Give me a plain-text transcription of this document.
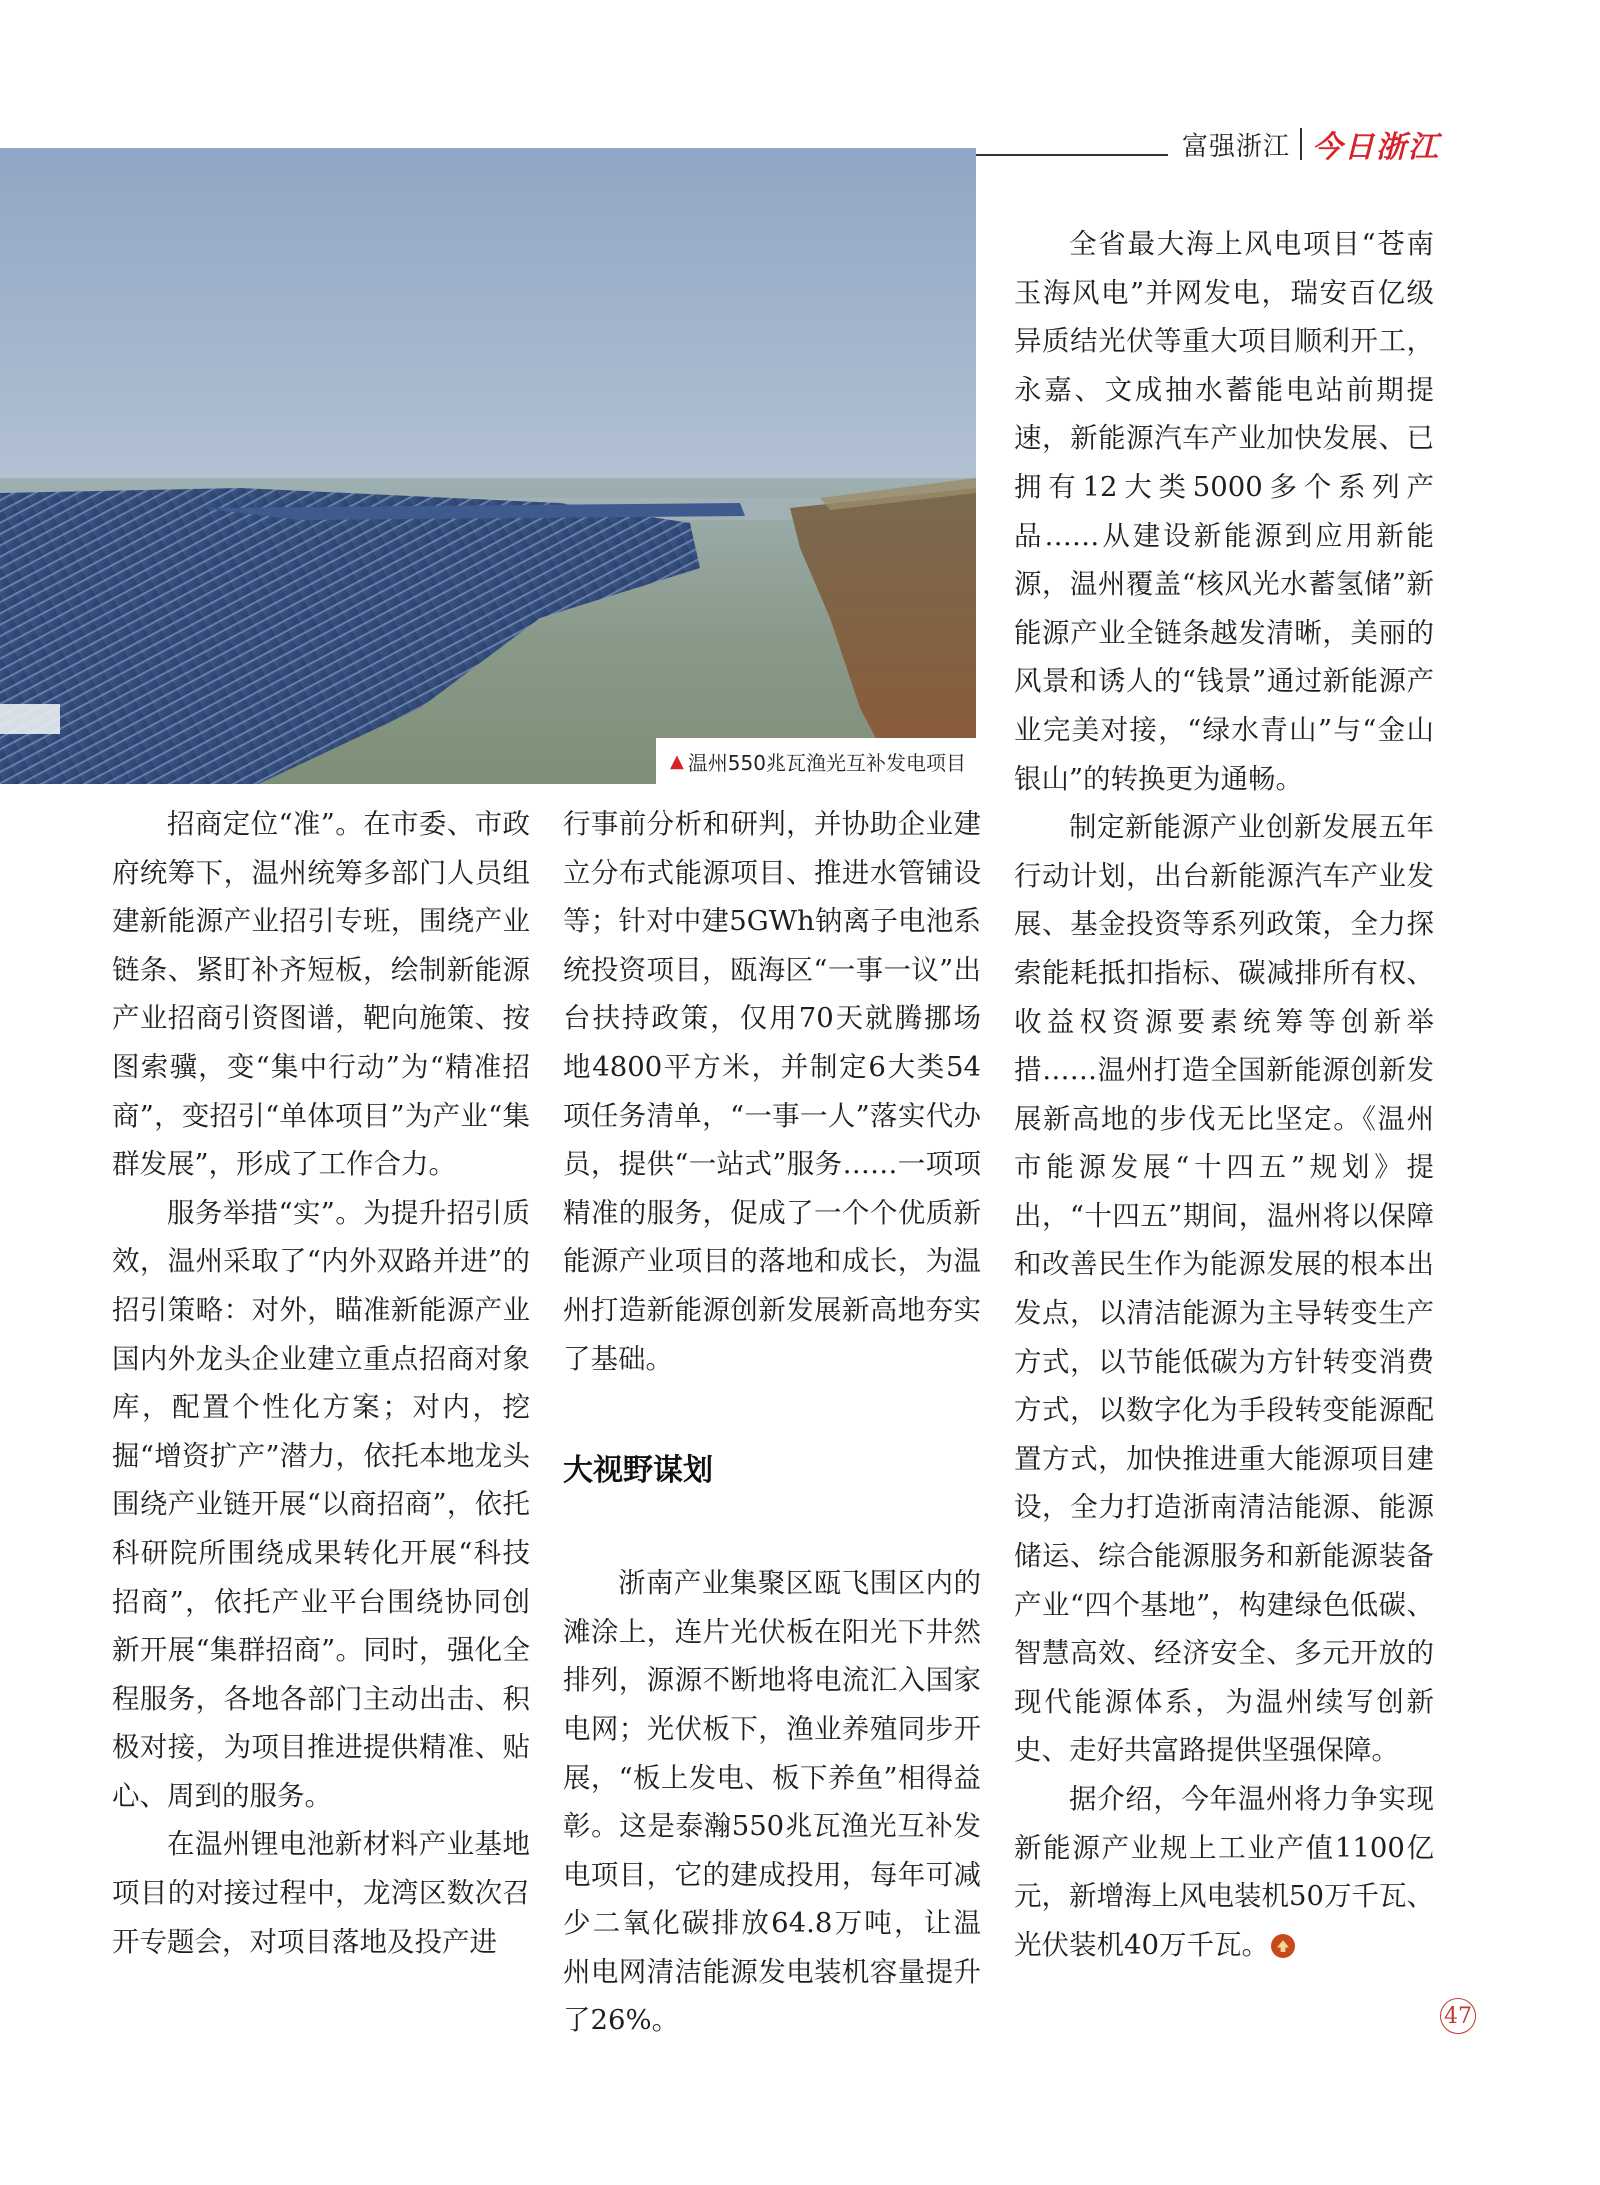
富强浙江 今日浙江
▲ 温州550兆瓦渔光互补发电项目

招商定位“准”。在市委、市政府统筹下，温州统筹多部门人员组建新能源产业招引专班，围绕产业链条、紧盯补齐短板，绘制新能源产业招商引资图谱，靶向施策、按图索骥，变“集中行动”为“精准招商”，变招引“单体项目”为产业“集群发展”，形成了工作合力。

服务举措“实”。为提升招引质效，温州采取了“内外双路并进”的招引策略：对外，瞄准新能源产业国内外龙头企业建立重点招商对象库，配置个性化方案；对内，挖掘“增资扩产”潜力，依托本地龙头围绕产业链开展“以商招商”，依托科研院所围绕成果转化开展“科技招商”，依托产业平台围绕协同创新开展“集群招商”。同时，强化全程服务，各地各部门主动出击、积极对接，为项目推进提供精准、贴心、周到的服务。

在温州锂电池新材料产业基地项目的对接过程中，龙湾区数次召开专题会，对项目落地及投产进

行事前分析和研判，并协助企业建立分布式能源项目、推进水管铺设等；针对中建5GWh钠离子电池系统投资项目，瓯海区“一事一议”出台扶持政策，仅用70天就腾挪场地4800平方米，并制定6大类54项任务清单，“一事一人”落实代办员，提供“一站式”服务……一项项精准的服务，促成了一个个优质新能源产业项目的落地和成长，为温州打造新能源创新发展新高地夯实了基础。

大视野谋划

浙南产业集聚区瓯飞围区内的滩涂上，连片光伏板在阳光下井然排列，源源不断地将电流汇入国家电网；光伏板下，渔业养殖同步开展，“板上发电、板下养鱼”相得益彰。这是泰瀚550兆瓦渔光互补发电项目，它的建成投用，每年可减少二氧化碳排放64.8万吨，让温州电网清洁能源发电装机容量提升了26%。

全省最大海上风电项目“苍南玉海风电”并网发电，瑞安百亿级异质结光伏等重大项目顺利开工，永嘉、文成抽水蓄能电站前期提速，新能源汽车产业加快发展、已拥有12大类5000多个系列产品……从建设新能源到应用新能源，温州覆盖“核风光水蓄氢储”新能源产业全链条越发清晰，美丽的风景和诱人的“钱景”通过新能源产业完美对接，“绿水青山”与“金山银山”的转换更为通畅。

制定新能源产业创新发展五年行动计划，出台新能源汽车产业发展、基金投资等系列政策，全力探索能耗抵扣指标、碳减排所有权、收益权资源要素统筹等创新举措……温州打造全国新能源创新发展新高地的步伐无比坚定。《温州市能源发展“十四五”规划》提出，“十四五”期间，温州将以保障和改善民生作为能源发展的根本出发点，以清洁能源为主导转变生产方式，以节能低碳为方针转变消费方式，以数字化为手段转变能源配置方式，加快推进重大能源项目建设，全力打造浙南清洁能源、能源储运、综合能源服务和新能源装备产业“四个基地”，构建绿色低碳、智慧高效、经济安全、多元开放的现代能源体系，为温州续写创新史、走好共富路提供坚强保障。

据介绍，今年温州将力争实现新能源产业规上工业产值1100亿元，新增海上风电装机50万千瓦、光伏装机40万千瓦。

47
